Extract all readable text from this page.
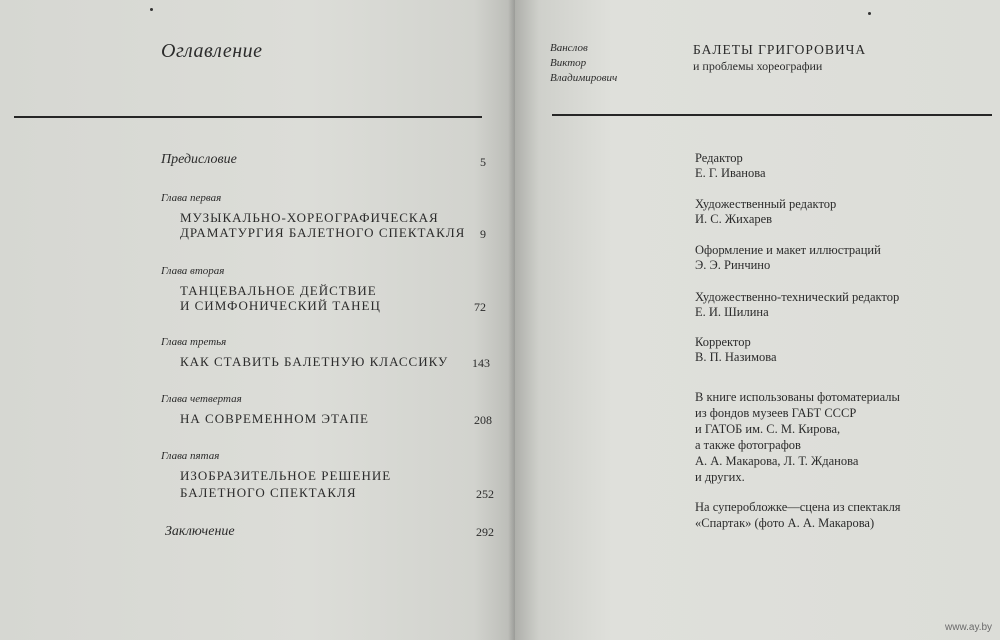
Оглавление
Предисловие	5
Глава первая
МУЗЫКАЛЬНО-ХОРЕОГРАФИЧЕСКАЯ
ДРАМАТУРГИЯ БАЛЕТНОГО СПЕКТАКЛЯ	9
Глава вторая
ТАНЦЕВАЛЬНОЕ ДЕЙСТВИЕ
И СИМФОНИЧЕСКИЙ ТАНЕЦ	72
Глава третья
КАК СТАВИТЬ БАЛЕТНУЮ КЛАССИКУ	143
Глава четвертая
НА СОВРЕМЕННОМ ЭТАПЕ	208
Глава пятая
ИЗОБРАЗИТЕЛЬНОЕ РЕШЕНИЕ
БАЛЕТНОГО СПЕКТАКЛЯ	252
Заключение	292
Ванслов
Виктор
Владимирович
БАЛЕТЫ ГРИГОРОВИЧА
и проблемы хореографии
Редактор
Е. Г. Иванова
Художественный редактор
И. С. Жихарев
Оформление и макет иллюстраций
Э. Э. Ринчино
Художественно-технический редактор
Е. И. Шилина
Корректор
В. П. Назимова
В книге использованы фотоматериалы
из фондов музеев ГАБТ СССР
и ГАТОБ им. С. М. Кирова,
а также фотографов
А. А. Макарова, Л. Т. Жданова
и других.
На суперобложке—сцена из спектакля
«Спартак» (фото А. А. Макарова)
www.ay.by
